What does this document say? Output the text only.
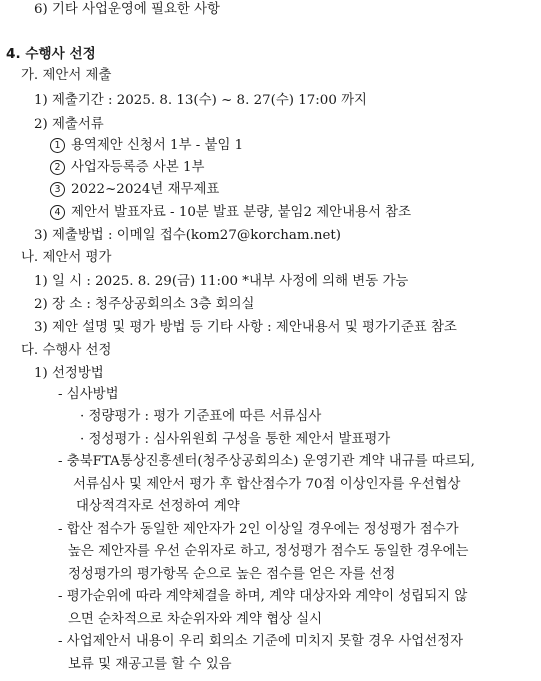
6) 기타 사업운영에 필요한 사항
4. 수행사 선정
가. 제안서 제출
1) 제출기간 : 2025. 8. 13(수) ~ 8. 27(수) 17:00 까지
2) 제출서류
1 용역제안 신청서 1부 - 붙임 1
2 사업자등록증 사본 1부
3 2022~2024년 재무제표
4 제안서 발표자료 - 10분 발표 분량, 붙임2 제안내용서 참조
3) 제출방법 : 이메일 접수(kom27@korcham.net)
나. 제안서 평가
1) 일 시 : 2025. 8. 29(금) 11:00 *내부 사정에 의해 변동 가능
2) 장 소 : 청주상공회의소 3층 회의실
3) 제안 설명 및 평가 방법 등 기타 사항 : 제안내용서 및 평가기준표 참조
다. 수행사 선정
1) 선정방법
- 심사방법
· 정량평가 : 평가 기준표에 따른 서류심사
· 정성평가 : 심사위원회 구성을 통한 제안서 발표평가
- 충북FTA통상진흥센터(청주상공회의소) 운영기관 계약 내규를 따르되,
서류심사 및 제안서 평가 후 합산점수가 70점 이상인자를 우선협상
대상적격자로 선정하여 계약
- 합산 점수가 동일한 제안자가 2인 이상일 경우에는 정성평가 점수가
높은 제안자를 우선 순위자로 하고, 정성평가 점수도 동일한 경우에는
정성평가의 평가항목 순으로 높은 점수를 얻은 자를 선정
- 평가순위에 따라 계약체결을 하며, 계약 대상자와 계약이 성립되지 않
으면 순차적으로 차순위자와 계약 협상 실시
- 사업제안서 내용이 우리 회의소 기준에 미치지 못할 경우 사업선정자
보류 및 재공고를 할 수 있음
